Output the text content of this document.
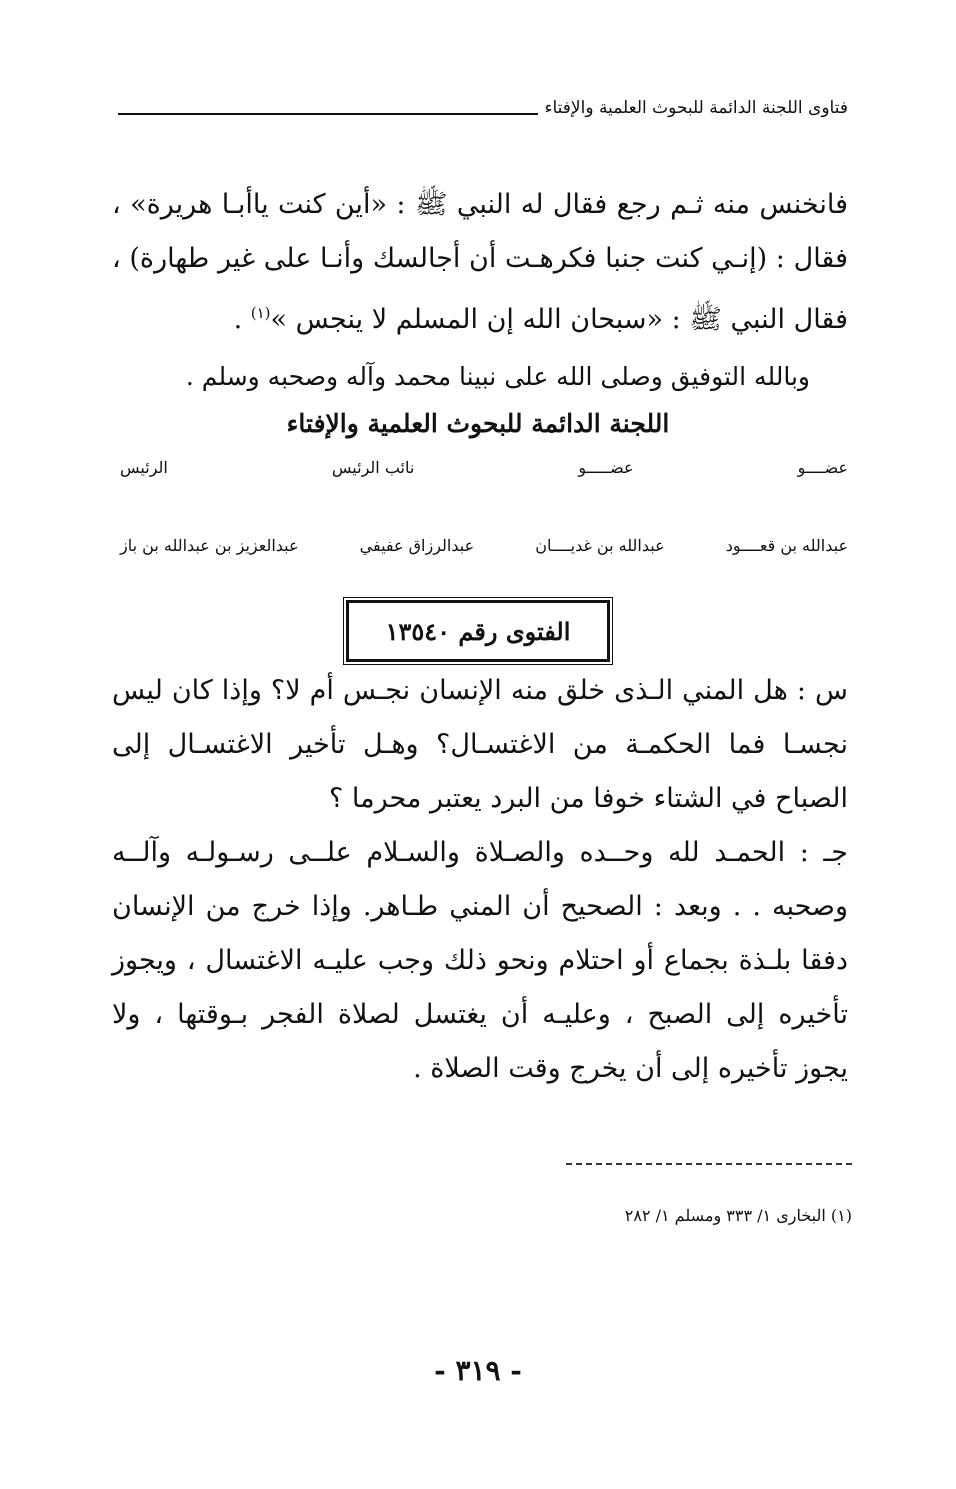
فتاوى اللجنة الدائمة للبحوث العلمية والإفتاء

فانخنس منه ثـم رجع فقال له النبي ﷺ : «أين كنت ياأبـا هريرة» ، فقال : (إنـي كنت جنبا فكرهـت أن أجالسك وأنـا على غير طهارة) ، فقال النبي ﷺ : «سبحان الله إن المسلم لا ينجس »$^{(١)}$ .

وبالله التوفيق وصلى الله على نبينا محمد وآله وصحبه وسلم .

اللجنة الدائمة للبحوث العلمية والإفتاء

عضــــو
عضـــــو
نائب الرئيس
الرئيس
عبدالله بن قعــــود
عبدالله بن غديــــان
عبدالرزاق عفيفي
عبدالعزيز بن عبدالله بن باز
الفتوى رقم ١٣٥٤٠

س : هل المني الـذى خلق منه الإنسان نجـس أم لا؟ وإذا كان ليس نجسـا فما الحكمـة من الاغتسـال؟ وهـل تأخير الاغتسـال إلى الصباح في الشتاء خوفا من البرد يعتبر محرما ؟

جـ : الحمـد لله وحــده والصـلاة والسـلام علــى رسـولـه وآلــه وصحبه . . وبعد : الصحيح أن المني طـاهر. وإذا خرج من الإنسان دفقا بلـذة بجماع أو احتلام ونحو ذلك وجب عليـه الاغتسال ، ويجوز تأخيره إلى الصبح ، وعليـه أن يغتسل لصلاة الفجر بـوقتها ، ولا يجوز تأخيره إلى أن يخرج وقت الصلاة .

(١) البخارى ١/ ٣٣٣ ومسلم ١/ ٢٨٢
- ٣١٩ -
